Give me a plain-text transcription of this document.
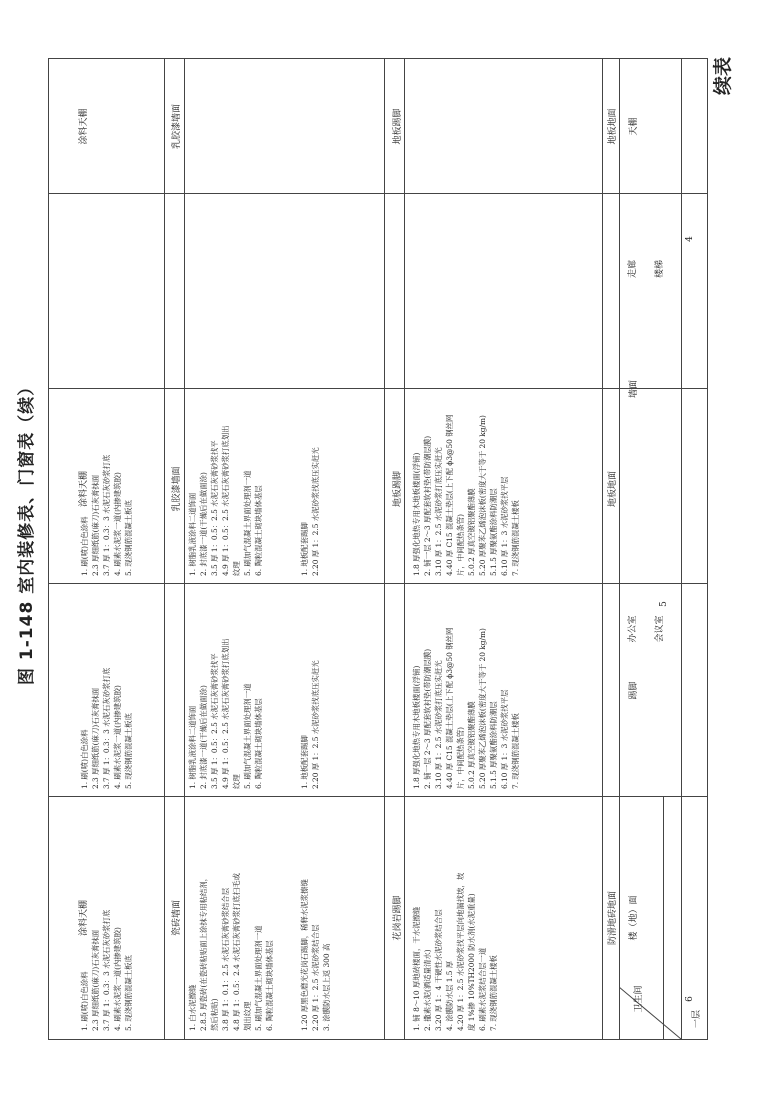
续表
图 1-148 室内装修表、门窗表（续）
楼（地）面
踢脚
墙面
天棚
4
走廊	楼梯
地板地面
地板踢脚
乳胶漆墙面
涂料天棚
5
办公室	会议室
地板地面
地板踢脚
乳胶漆墙面
涂料天棚
6
卫生间
防滑地砖地面
花岗岩踢脚
瓷砖墙面
涂料天棚
一层
1. 铺 8～10 厚地砖楼面，干水泥擦缝 2. 撒素水泥(洒适量清水) 3.20 厚 1：4 干硬性水泥砂浆结合层 4. 涂膜防水层 1.5 厚 4.20 厚 1：2.5 水泥砂浆找平层向地漏找坡，坡 度 1%掺 10%TH2000 防水剂(水泥重量) 6. 刷素水泥浆结合层一道 7. 现浇钢筋混凝土楼板
1.20 厚黑色磨光花岗石踢脚，稀释水泥浆擦缝 2.20 厚 1：2.5 水泥砂浆结合层 3. 涂膜防水层上返 300 高
1. 白水泥擦缝 2.8.5 厚瓷砖(在瓷砖粘贴面上涂抹专用粘结剂， 然后粘贴) 3.8 厚 1：0.1：2.5 水泥石灰膏砂浆结合层 4.8 厚 1：0.5：2.4 水泥石灰膏砂浆打底扫毛或 划出纹理 5. 刷加气混凝土界面处理剂一道 6. 陶粒混凝土砌块墙体基层
1. 刷(喷)白色涂料 2.3 厚细纸筋(麻刀)石灰膏抹面 3.7 厚 1：0.3：3 水泥石灰砂浆打底 4. 刷素水泥浆一道(内掺建筑胶) 5. 现浇钢筋混凝土板底
1.8 厚强化地热专用木地板楼面(浮铺) 2. 铺一层 2～3 厚配套软衬垫(带防潮层膜) 3.10 厚 1：2.5 水泥砂浆打底压实赶光 4.40 厚 C15 混凝土垫层(上下配 ϕ3@50 钢丝网 片，中间配热条管) 5.0.2 厚真空镀铝聚酯薄膜 5.20 厚聚苯乙烯泡沫板(密度大于等于 20 kg/m) 5.1.5 厚聚氨酯涂料防潮层 6.10 厚 1：3 水泥砂浆找平层 7. 现浇钢筋混凝土楼板
1. 地板配套踢脚 2.20 厚 1：2.5 水泥砂浆找底压实赶光
1. 树脂乳液涂料二道饰面 2. 封底漆一道(干燥后在做面涂) 3.5 厚 1：0.5：2.5 水泥石灰膏砂浆找平 4.9 厚 1：0.5：2.5 水泥石灰膏砂浆打底划出 纹理 5. 刷加气混凝土界面处理剂一道 6. 陶粒混凝土砌块墙体基层
1. 刷(喷)白色涂料 2.3 厚细纸筋(麻刀)石灰膏抹面 3.7 厚 1：0.3：3 水泥石灰砂浆打底 4. 刷素水泥浆一道(内掺建筑胶) 5. 现浇钢筋混凝土板底
1.8 厚强化地热专用木地板楼面(浮铺) 2. 铺一层 2～3 厚配套软衬垫(带防潮层膜) 3.10 厚 1：2.5 水泥砂浆打底压实赶光 4.40 厚 C15 混凝土垫层(上下配 ϕ3@50 钢丝网 片，中间配热条管) 5.0.2 厚真空镀铝聚酯薄膜 5.20 厚聚苯乙烯泡沫板(密度大于等于 20 kg/m) 5.1.5 厚聚氨酯涂料防潮层 6.10 厚 1：3 水泥砂浆找平层 7. 现浇钢筋混凝土楼板
1. 地板配套踢脚 2.20 厚 1：2.5 水泥砂浆找底压实赶光
1. 树脂乳液涂料二道饰面 2. 封底漆一道(干燥后在做面涂) 3.5 厚 1：0.5：2.5 水泥石灰膏砂浆找平 4.9 厚 1：0.5：2.5 水泥石灰膏砂浆打底划出 纹理 5. 刷加气混凝土界面处理剂一道 6. 陶粒混凝土砌块墙体基层
1. 刷(喷)白色涂料 2.3 厚细纸筋(麻刀)石灰膏抹面 3.7 厚 1：0.3：3 水泥石灰砂浆打底 4. 刷素水泥浆一道(内掺建筑胶) 5. 现浇钢筋混凝土板底
